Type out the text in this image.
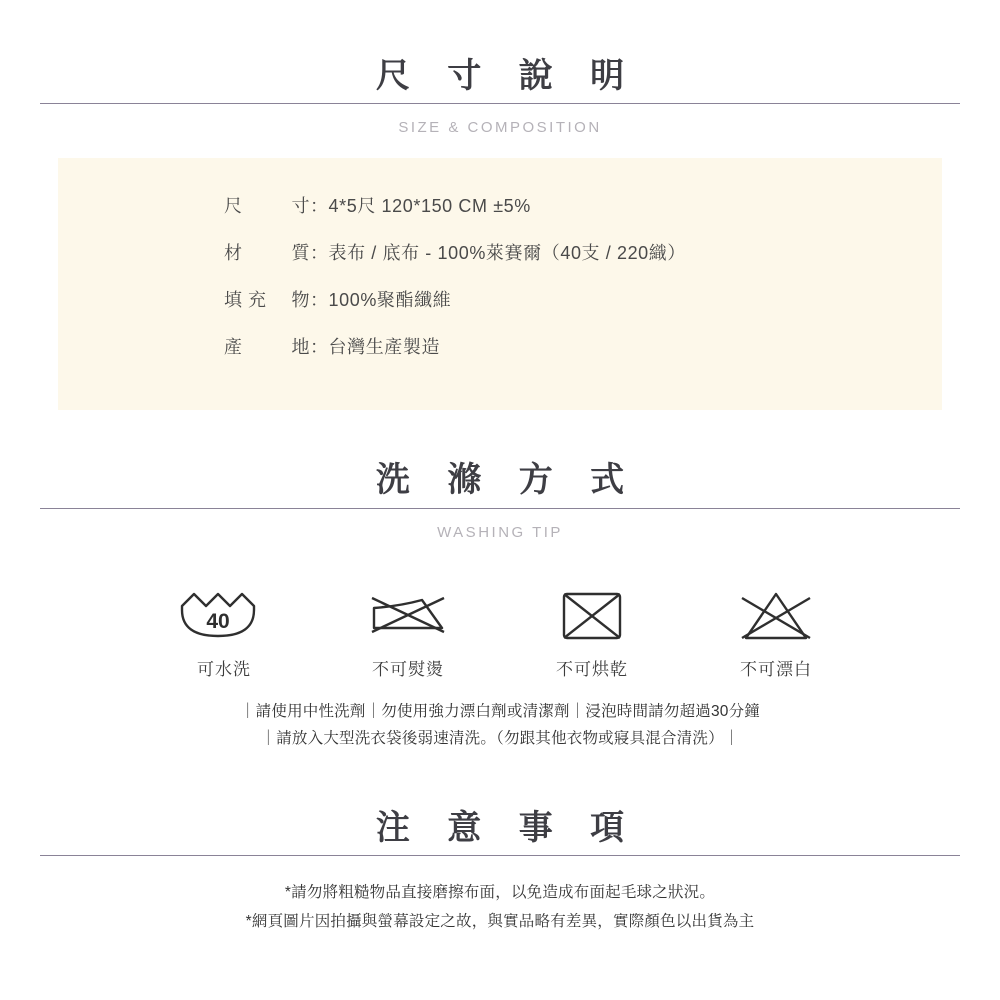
尺 寸 說 明
SIZE & COMPOSITION
尺	寸 ： 4*5尺 120*150 CM ±5%
材	質 ： 表布 / 底布 - 100%萊賽爾（40支 / 220織）
填 充 物 ： 100%聚酯纖維
產	地 ： 台灣生產製造
洗 滌 方 式
WASHING TIP
40
可水洗	不可熨燙	不可烘乾	不可漂白
｜請使用中性洗劑｜勿使用強力漂白劑或清潔劑｜浸泡時間請勿超過30分鐘
｜請放入大型洗衣袋後弱速清洗。（勿跟其他衣物或寢具混合清洗）｜
注 意 事 項
*請勿將粗糙物品直接磨擦布面，以免造成布面起毛球之狀況。
*網頁圖片因拍攝與螢幕設定之故，與實品略有差異，實際顏色以出貨為主
